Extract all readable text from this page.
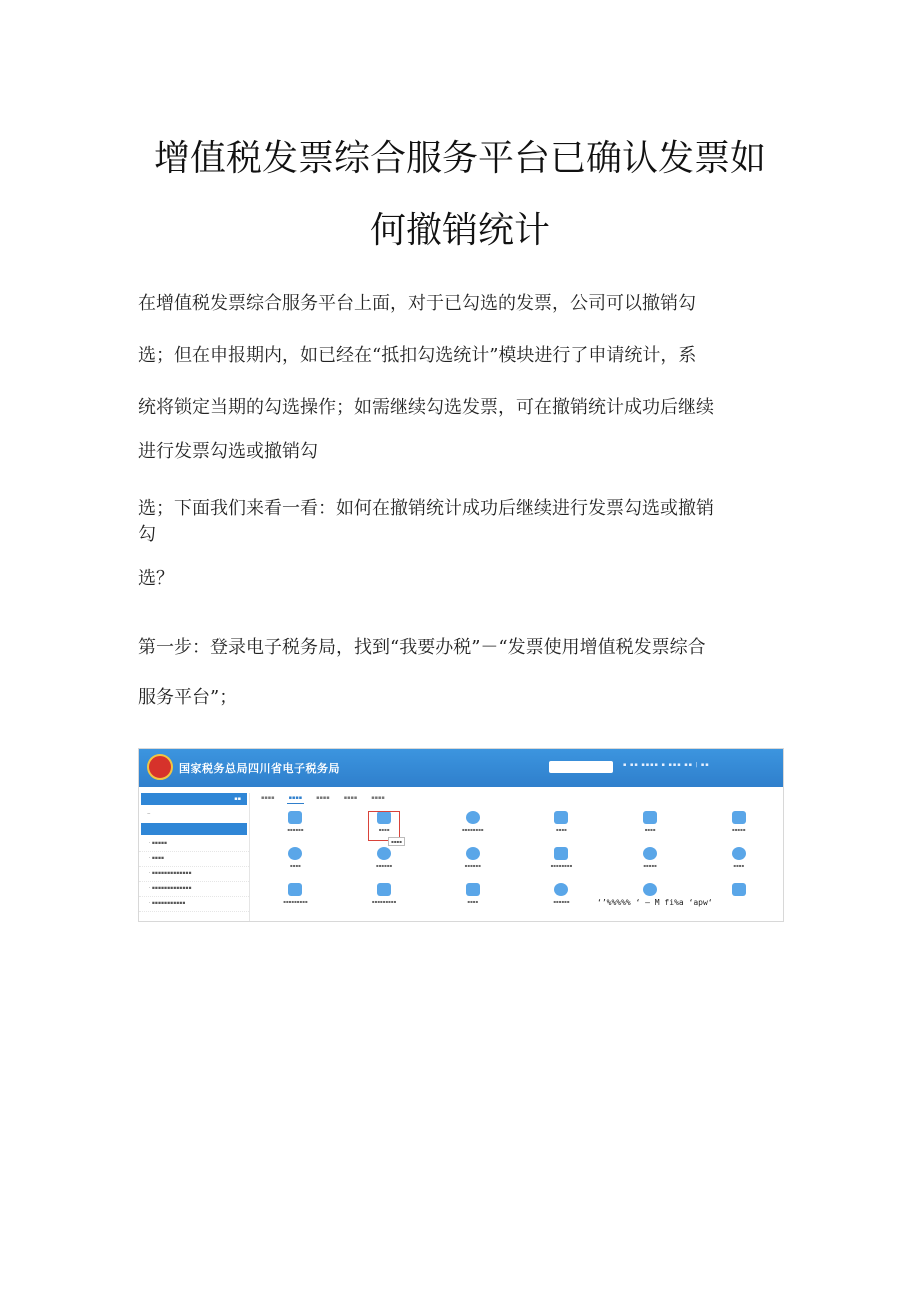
增值税发票综合服务平台已确认发票如
何撤销统计

在增值税发票综合服务平台上面，对于已勾选的发票，公司可以撤销勾

选；但在申报期内，如已经在“抵扣勾选统计”模块进行了申请统计，系

统将锁定当期的勾选操作；如需继续勾选发票，可在撤销统计成功后继续

进行发票勾选或撤销勾

选；下面我们来看一看：如何在撤销统计成功后继续进行发票勾选或撤销

勾

选？

第一步：登录电子税务局，找到“我要办税”－“发票使用增值税发票综合

服务平台”；

国家税务总局四川省电子税务局	▪ ▪▪ ▪▪▪▪ ▪ ▪▪▪ ▪▪ | ▪▪
▪▪
–
· ▪▪▪▪▪
· ▪▪▪▪
· ▪▪▪▪▪▪▪▪▪▪▪▪▪
· ▪▪▪▪▪▪▪▪▪▪▪▪▪
· ▪▪▪▪▪▪▪▪▪▪▪
▪▪▪▪	▪▪▪▪	▪▪▪▪	▪▪▪▪	▪▪▪▪
▪▪▪▪▪▪	▪▪▪▪
▪▪▪▪
▪▪▪▪▪▪▪▪	▪▪▪▪	▪▪▪▪	▪▪▪▪▪
▪▪▪▪	▪▪▪▪▪▪	▪▪▪▪▪▪	▪▪▪▪▪▪▪▪	▪▪▪▪▪	▪▪▪▪
▪▪▪▪▪▪▪▪▪	▪▪▪▪▪▪▪▪▪	▪▪▪▪	▪▪▪▪▪▪	‘’%%%%% ‘ — M fi%a ‘apw‘
